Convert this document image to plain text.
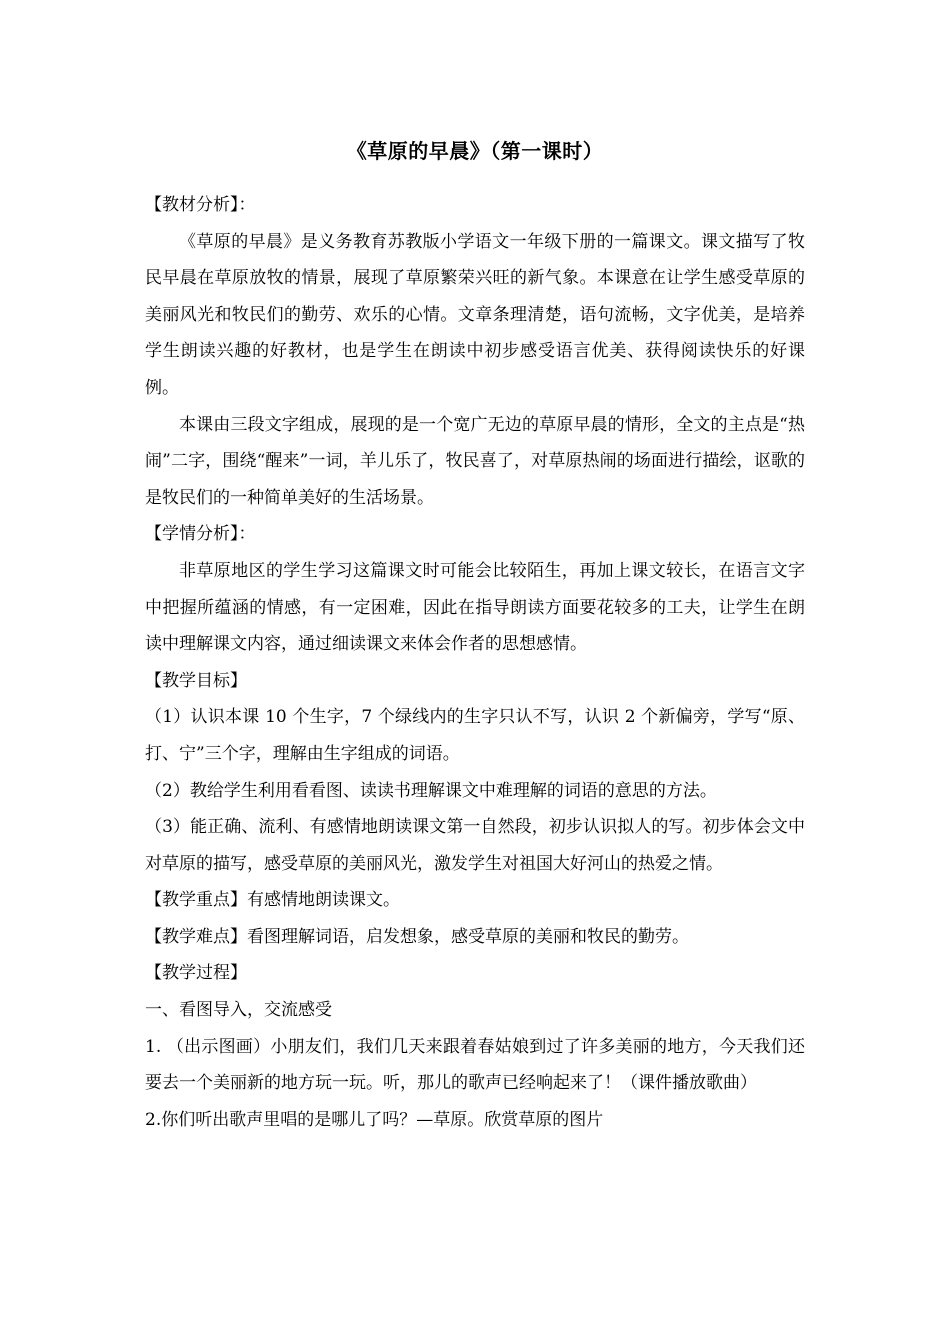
《草原的早晨》（第一课时）

【教材分析】：

《草原的早晨》是义务教育苏教版小学语文一年级下册的一篇课文。课文描写了牧民早晨在草原放牧的情景，展现了草原繁荣兴旺的新气象。本课意在让学生感受草原的美丽风光和牧民们的勤劳、欢乐的心情。文章条理清楚，语句流畅，文字优美，是培养学生朗读兴趣的好教材，也是学生在朗读中初步感受语言优美、获得阅读快乐的好课例。

本课由三段文字组成，展现的是一个宽广无边的草原早晨的情形，全文的主点是“热闹”二字，围绕“醒来”一词，羊儿乐了，牧民喜了，对草原热闹的场面进行描绘，讴歌的是牧民们的一种简单美好的生活场景。

【学情分析】：

非草原地区的学生学习这篇课文时可能会比较陌生，再加上课文较长，在语言文字中把握所蕴涵的情感，有一定困难，因此在指导朗读方面要花较多的工夫，让学生在朗读中理解课文内容，通过细读课文来体会作者的思想感情。

【教学目标】

（1）认识本课 10 个生字，7 个绿线内的生字只认不写，认识 2 个新偏旁，学写“原、打、宁”三个字，理解由生字组成的词语。

（2）教给学生利用看看图、读读书理解课文中难理解的词语的意思的方法。

（3）能正确、流利、有感情地朗读课文第一自然段，初步认识拟人的写。初步体会文中对草原的描写，感受草原的美丽风光，激发学生对祖国大好河山的热爱之情。

【教学重点】有感情地朗读课文。

【教学难点】看图理解词语，启发想象，感受草原的美丽和牧民的勤劳。

【教学过程】

一、看图导入，交流感受

1. （出示图画）小朋友们，我们几天来跟着春姑娘到过了许多美丽的地方，今天我们还要去一个美丽新的地方玩一玩。听，那儿的歌声已经响起来了！（课件播放歌曲）

2.你们听出歌声里唱的是哪儿了吗？—草原。欣赏草原的图片
